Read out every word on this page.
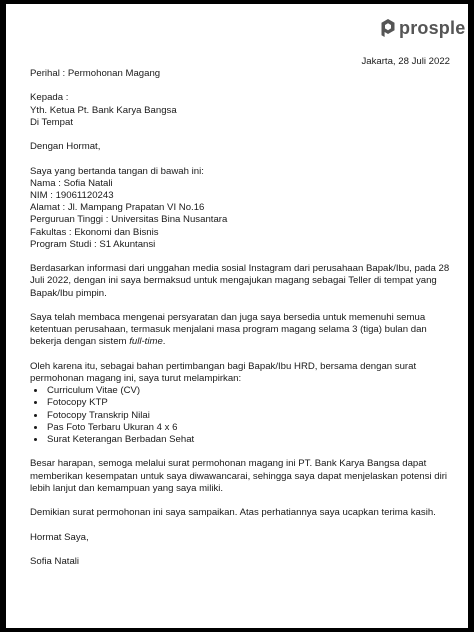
prosple
Jakarta, 28 Juli 2022
Perihal : Permohonan Magang
Kepada :
Yth. Ketua Pt. Bank Karya Bangsa
Di Tempat
Dengan Hormat,
Saya yang bertanda tangan di bawah ini:
Nama : Sofia Natali
NIM : 19061120243
Alamat : Jl. Mampang Prapatan VI No.16
Perguruan Tinggi : Universitas Bina Nusantara
Fakultas : Ekonomi dan Bisnis
Program Studi : S1 Akuntansi

Berdasarkan informasi dari unggahan media sosial Instagram dari perusahaan Bapak/Ibu, pada 28 Juli 2022, dengan ini saya bermaksud untuk mengajukan magang sebagai Teller di tempat yang Bapak/Ibu pimpin.

Saya telah membaca mengenai persyaratan dan juga saya bersedia untuk memenuhi semua ketentuan perusahaan, termasuk menjalani masa program magang selama 3 (tiga) bulan dan bekerja dengan sistem full-time.

Oleh karena itu, sebagai bahan pertimbangan bagi Bapak/Ibu HRD, bersama dengan surat permohonan magang ini, saya turut melampirkan:

• Curriculum Vitae (CV)
• Fotocopy KTP
• Fotocopy Transkrip Nilai
• Pas Foto Terbaru Ukuran 4 x 6
• Surat Keterangan Berbadan Sehat

Besar harapan, semoga melalui surat permohonan magang ini PT. Bank Karya Bangsa dapat memberikan kesempatan untuk saya diwawancarai, sehingga saya dapat menjelaskan potensi diri lebih lanjut dan kemampuan yang saya miliki.

Demikian surat permohonan ini saya sampaikan. Atas perhatiannya saya ucapkan terima kasih.

Hormat Saya,
Sofia Natali
